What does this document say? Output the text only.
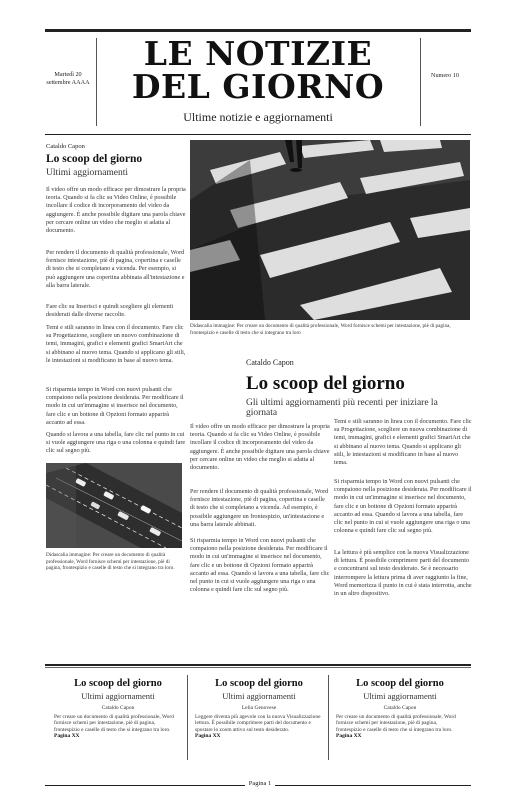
Martedì 20 settembre AAAA
LE NOTIZIE
DEL GIORNO	Numero 10
Ultime notizie e aggiornamenti
Cataldo Capon
Lo scoop del giorno
Ultimi aggiornamenti
Il video offre un modo efficace per dimostrare la propria teoria. Quando si fa clic su Video Online, è possibile incollare il codice di incorporamento del video da aggiungere. È anche possibile digitare una parola chiave per cercare online un video che meglio si adatta al documento.
Per rendere il documento di qualità professionale, Word fornisce intestazione, piè di pagina, copertina e caselle di testo che si completano a vicenda. Per esempio, si può aggiungere una copertina abbinata all'intestazione e alla barra laterale.
Fare clic su Inserisci e quindi scegliere gli elementi desiderati dalle diverse raccolte.
Temi e stili saranno in linea con il documento. Fare clic su Progettazione, scegliere un nuovo combinazione di temi, immagini, grafici e elementi grafici SmartArt che si abbinano al nuovo tema. Quando si applicano gli stili, le intestazioni si modificano in base al nuovo tema.
Si risparmia tempo in Word con nuovi pulsanti che compaiono nella posizione desiderata. Per modificare il modo in cui un'immagine si inserisce nel documento, fare clic e un bottone di Opzioni formato apparirà accanto ad essa.
Quando si lavora a una tabella, fare clic nel punto in cui si vuole aggiungere una riga o una colonna e quindi fare clic sul segno più.
Didascalia immagine: Per creare un documento di qualità professionale, Word fornisce schemi per intestazione, piè di pagina, frontespizio e caselle di testo che si integrano tra loro.
Didascalia immagine: Per creare un documento di qualità professionale, Word fornisce schemi per intestazione, piè di pagina, frontespizio e caselle di testo che si integrano tra loro
Cataldo Capon
Lo scoop del giorno
Gli ultimi aggiornamenti più recenti per iniziare la giornata
Il video offre un modo efficace per dimostrare la propria teoria. Quando si fa clic su Video Online, è possibile incollare il codice di incorporamento del video da aggiungere. È anche possibile digitare una parola chiave per cercare online un video che meglio si adatta al documento.
Per rendere il documento di qualità professionale, Word fornisce intestazione, piè di pagina, copertina e caselle di testo che si completano a vicenda. Ad esempio, è possibile aggiungere un frontespizio, un'intestazione e una barra laterale abbinati.
Si risparmia tempo in Word con nuovi pulsanti che compaiono nella posizione desiderata. Per modificare il modo in cui un'immagine si inserisce nel documento, fare clic e un bottone di Opzioni formato apparirà accanto ad essa. Quando si lavora a una tabella, fare clic nel punto in cui si vuole aggiungere una riga o una colonna e quindi fare clic sul segno più.
Temi e stili saranno in linea con il documento. Fare clic su Progettazione, scegliere un nuova combinazione di temi, immagini, grafici e elementi grafici SmartArt che si abbinano al nuovo tema. Quando si applicano gli stili, le intestazioni si modificano in base al nuovo tema.
Si risparmia tempo in Word con nuovi pulsanti che compaiono nella posizione desiderata. Per modificare il modo in cui un'immagine si inserisce nel documento, fare clic e un bottone di Opzioni formato apparirà accanto ad essa. Quando si lavora a una tabella, fare clic nel punto in cui si vuole aggiungere una riga o una colonna e quindi fare clic sul segno più.
La lettura è più semplice con la nuova Visualizzazione di lettura. È possibile comprimere parti del documento e concentrarsi sul testo desiderato. Se è necessario interrompere la lettura prima di aver raggiunto la fine, Word memorizza il punto in cui è stata interrotta, anche in un altro dispositivo.
Lo scoop del giorno
Ultimi aggiornamenti
Cataldo Capon
Per creare un documento di qualità professionale, Word fornisce schemi per intestazione, piè di pagina, frontespizio e caselle di testo che si integrano tra loro.
Pagina XX
Lo scoop del giorno
Ultimi aggiornamenti
Lelia Genovese
Leggere diventa più agevole con la nuova Visualizzazione lettura. È possibile comprimere parti del documento e spostare lo zoom attivo sul testo desiderato.
Pagina XX
Lo scoop del giorno
Ultimi aggiornamenti
Cataldo Capon
Per creare un documento di qualità professionale, Word fornisce schemi per intestazione, piè di pagina, frontespizio e caselle di testo che si integrano tra loro.
Pagina XX
Pagina 1
